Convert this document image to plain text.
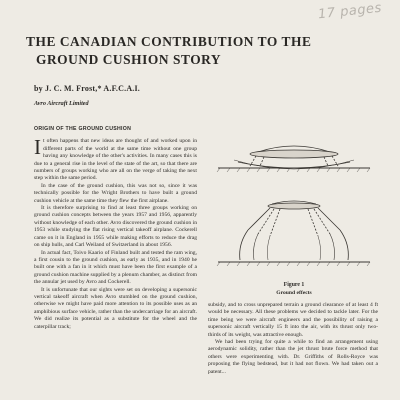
17 pages
THE CANADIAN CONTRIBUTION TO THE
GROUND CUSHION STORY

by J. C. M. Frost,* A.F.C.A.I.

Avro Aircraft Limited

ORIGIN OF THE GROUND CUSHION

It often happens that new ideas are thought of and worked upon in different parts of the world at the same time without one group having any knowledge of the other's activities. In many cases this is due to a general rise in the level of the state of the art, so that there are numbers of groups working who are all on the verge of taking the next step within the same period.

In the case of the ground cushion, this was not so, since it was technically possible for the Wright Brothers to have built a ground cushion vehicle at the same time they flew the first airplane.

It is therefore surprising to find at least three groups working on ground cushion concepts between the years 1957 and 1956, apparently without knowledge of each other. Avro discovered the ground cushion in 1953 while studying the flat rising vertical takeoff airplane. Cockerell came on it in England in 1955 while making efforts to reduce the drag on ship hulls, and Carl Weiland of Switzerland in about 1956.

In actual fact, Toivo Kaario of Finland built and tested the ram wing, a first cousin to the ground cushion, as early as 1935, and in 1940 he built one with a fan in it which must have been the first example of a ground cushion machine supplied by a plenum chamber, as distinct from the annular jet used by Avro and Cockerell.

It is unfortunate that our sights were set on developing a supersonic vertical takeoff aircraft when Avro stumbled on the ground cushion, otherwise we might have paid more attention to its possible uses as an amphibious surface vehicle, rather than the undercarriage for an aircraft. We did realize its potential as a substitute for the wheel and the caterpillar track;

Figure 1

Ground effects

subsidy, and to cross unprepared terrain a ground clearance of at least 4 ft would be necessary. All these problems we decided to tackle later. For the time being we were aircraft engineers and the possibility of raising a supersonic aircraft vertically 15 ft into the air, with its thrust only two-thirds of its weight, was attractive enough.

We had been trying for quite a while to find an arrangement using aerodynamic solidity, rather than the jet thrust brute force method that others were experimenting with. Dr. Griffiths of Rolls-Royce was proposing the flying bedstead, but it had not flown. We had taken out a patent...
